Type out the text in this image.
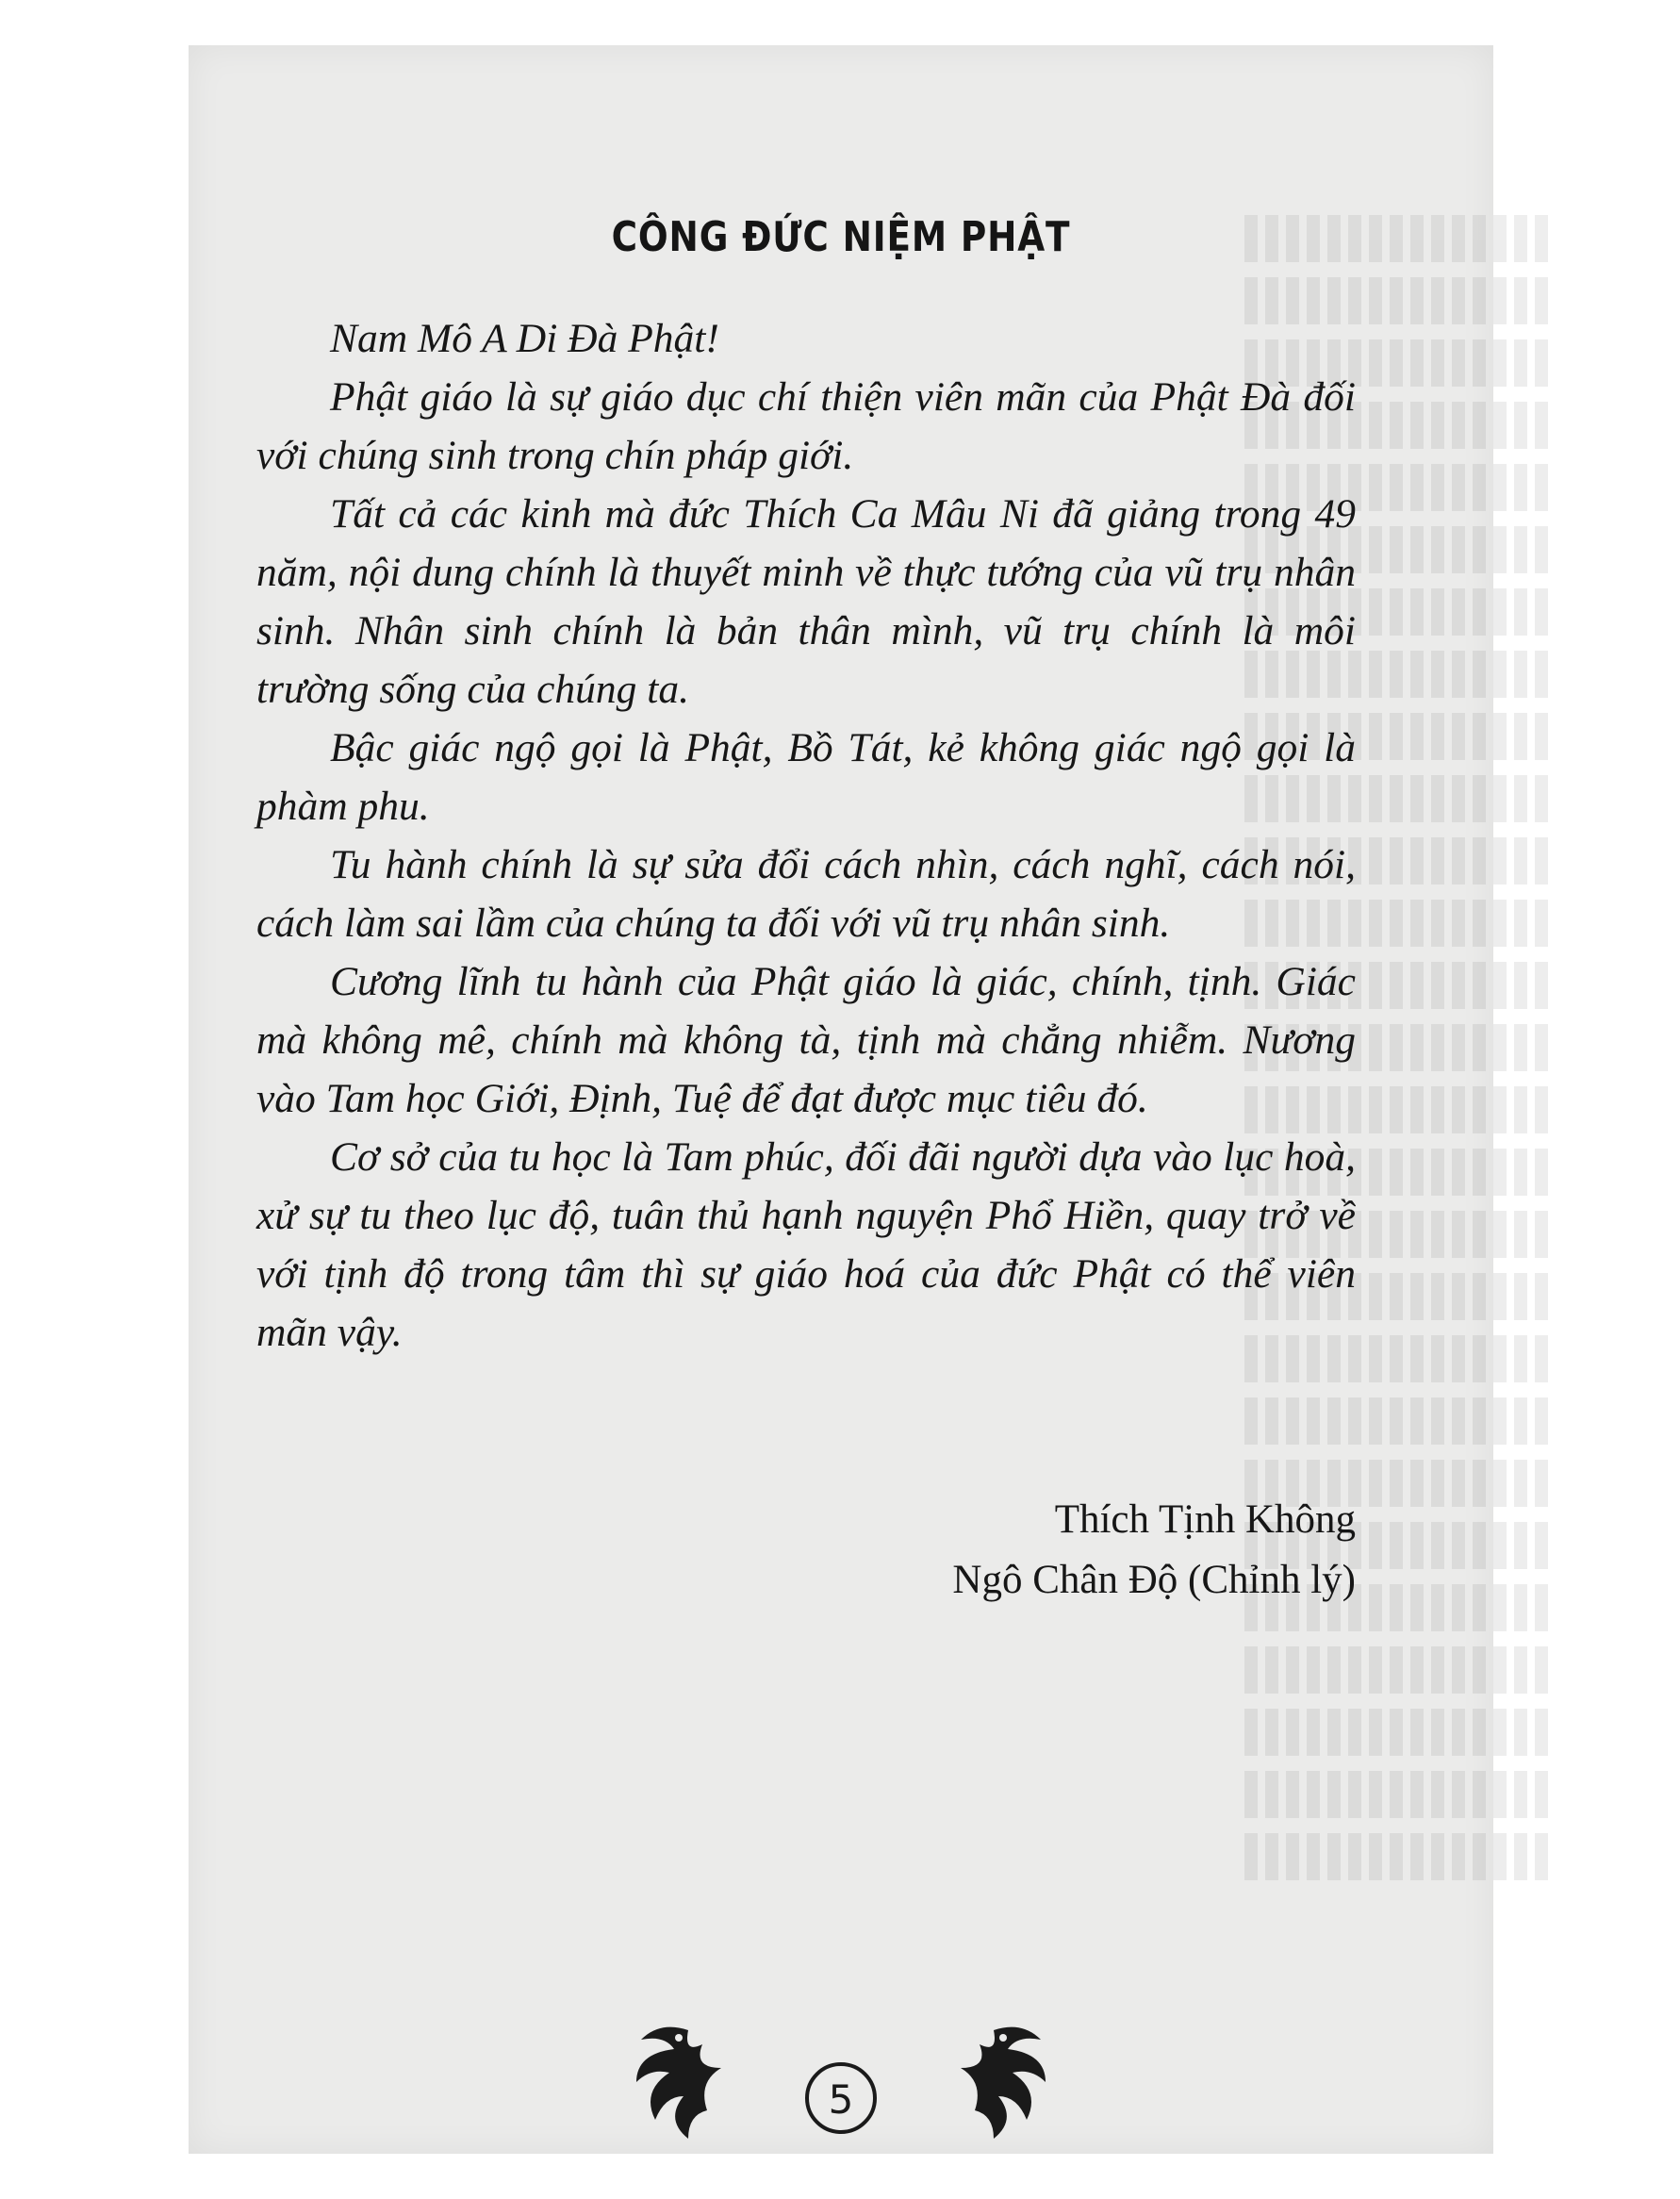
CÔNG ĐỨC NIỆM PHẬT

Nam Mô A Di Đà Phật!

Phật giáo là sự giáo dục chí thiện viên mãn của Phật Đà đối với chúng sinh trong chín pháp giới.

Tất cả các kinh mà đức Thích Ca Mâu Ni đã giảng trong 49 năm, nội dung chính là thuyết minh về thực tướng của vũ trụ nhân sinh. Nhân sinh chính là bản thân mình, vũ trụ chính là môi trường sống của chúng ta.

Bậc giác ngộ gọi là Phật, Bồ Tát, kẻ không giác ngộ gọi là phàm phu.

Tu hành chính là sự sửa đổi cách nhìn, cách nghĩ, cách nói, cách làm sai lầm của chúng ta đối với vũ trụ nhân sinh.

Cương lĩnh tu hành của Phật giáo là giác, chính, tịnh. Giác mà không mê, chính mà không tà, tịnh mà chẳng nhiễm. Nương vào Tam học Giới, Định, Tuệ để đạt được mục tiêu đó.

Cơ sở của tu học là Tam phúc, đối đãi người dựa vào lục hoà, xử sự tu theo lục độ, tuân thủ hạnh nguyện Phổ Hiền, quay trở về với tịnh độ trong tâm thì sự giáo hoá của đức Phật có thể viên mãn vậy.

Thích Tịnh Không
Ngô Chân Độ (Chỉnh lý)
5
